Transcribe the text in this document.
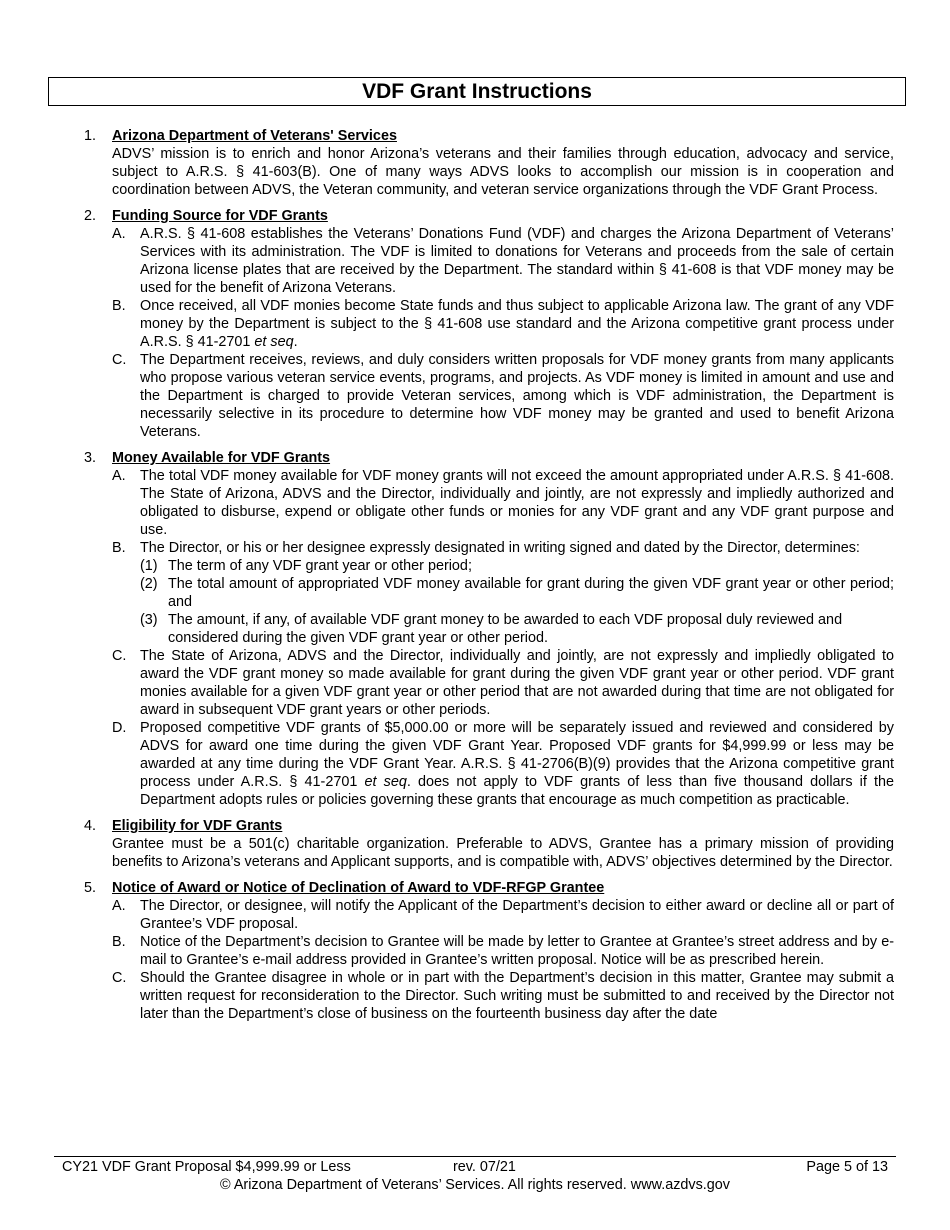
VDF Grant Instructions
1. Arizona Department of Veterans' Services
ADVS’ mission is to enrich and honor Arizona’s veterans and their families through education, advocacy and service, subject to A.R.S. § 41-603(B). One of many ways ADVS looks to accomplish our mission is in cooperation and coordination between ADVS, the Veteran community, and veteran service organizations through the VDF Grant Process.
2. Funding Source for VDF Grants
A. A.R.S. § 41-608 establishes the Veterans’ Donations Fund (VDF) and charges the Arizona Department of Veterans’ Services with its administration. The VDF is limited to donations for Veterans and proceeds from the sale of certain Arizona license plates that are received by the Department. The standard within § 41-608 is that VDF money may be used for the benefit of Arizona Veterans.
B. Once received, all VDF monies become State funds and thus subject to applicable Arizona law. The grant of any VDF money by the Department is subject to the § 41-608 use standard and the Arizona competitive grant process under A.R.S. § 41-2701 et seq.
C. The Department receives, reviews, and duly considers written proposals for VDF money grants from many applicants who propose various veteran service events, programs, and projects. As VDF money is limited in amount and use and the Department is charged to provide Veteran services, among which is VDF administration, the Department is necessarily selective in its procedure to determine how VDF money may be granted and used to benefit Arizona Veterans.
3. Money Available for VDF Grants
A. The total VDF money available for VDF money grants will not exceed the amount appropriated under A.R.S. § 41-608. The State of Arizona, ADVS and the Director, individually and jointly, are not expressly and impliedly authorized and obligated to disburse, expend or obligate other funds or monies for any VDF grant and any VDF grant purpose and use.
B. The Director, or his or her designee expressly designated in writing signed and dated by the Director, determines:
(1) The term of any VDF grant year or other period;
(2) The total amount of appropriated VDF money available for grant during the given VDF grant year or other period; and
(3) The amount, if any, of available VDF grant money to be awarded to each VDF proposal duly reviewed and considered during the given VDF grant year or other period.
C. The State of Arizona, ADVS and the Director, individually and jointly, are not expressly and impliedly obligated to award the VDF grant money so made available for grant during the given VDF grant year or other period. VDF grant monies available for a given VDF grant year or other period that are not awarded during that time are not obligated for award in subsequent VDF grant years or other periods.
D. Proposed competitive VDF grants of $5,000.00 or more will be separately issued and reviewed and considered by ADVS for award one time during the given VDF Grant Year. Proposed VDF grants for $4,999.99 or less may be awarded at any time during the VDF Grant Year. A.R.S. § 41-2706(B)(9) provides that the Arizona competitive grant process under A.R.S. § 41-2701 et seq. does not apply to VDF grants of less than five thousand dollars if the Department adopts rules or policies governing these grants that encourage as much competition as practicable.
4. Eligibility for VDF Grants
Grantee must be a 501(c) charitable organization. Preferable to ADVS, Grantee has a primary mission of providing benefits to Arizona’s veterans and Applicant supports, and is compatible with, ADVS’ objectives determined by the Director.
5. Notice of Award or Notice of Declination of Award to VDF-RFGP Grantee
A. The Director, or designee, will notify the Applicant of the Department’s decision to either award or decline all or part of Grantee’s VDF proposal.
B. Notice of the Department’s decision to Grantee will be made by letter to Grantee at Grantee’s street address and by e-mail to Grantee’s e-mail address provided in Grantee’s written proposal. Notice will be as prescribed herein.
C. Should the Grantee disagree in whole or in part with the Department’s decision in this matter, Grantee may submit a written request for reconsideration to the Director. Such writing must be submitted to and received by the Director not later than the Department’s close of business on the fourteenth business day after the date
CY21 VDF Grant Proposal $4,999.99 or Less	rev. 07/21	Page 5 of 13
© Arizona Department of Veterans’ Services. All rights reserved. www.azdvs.gov
